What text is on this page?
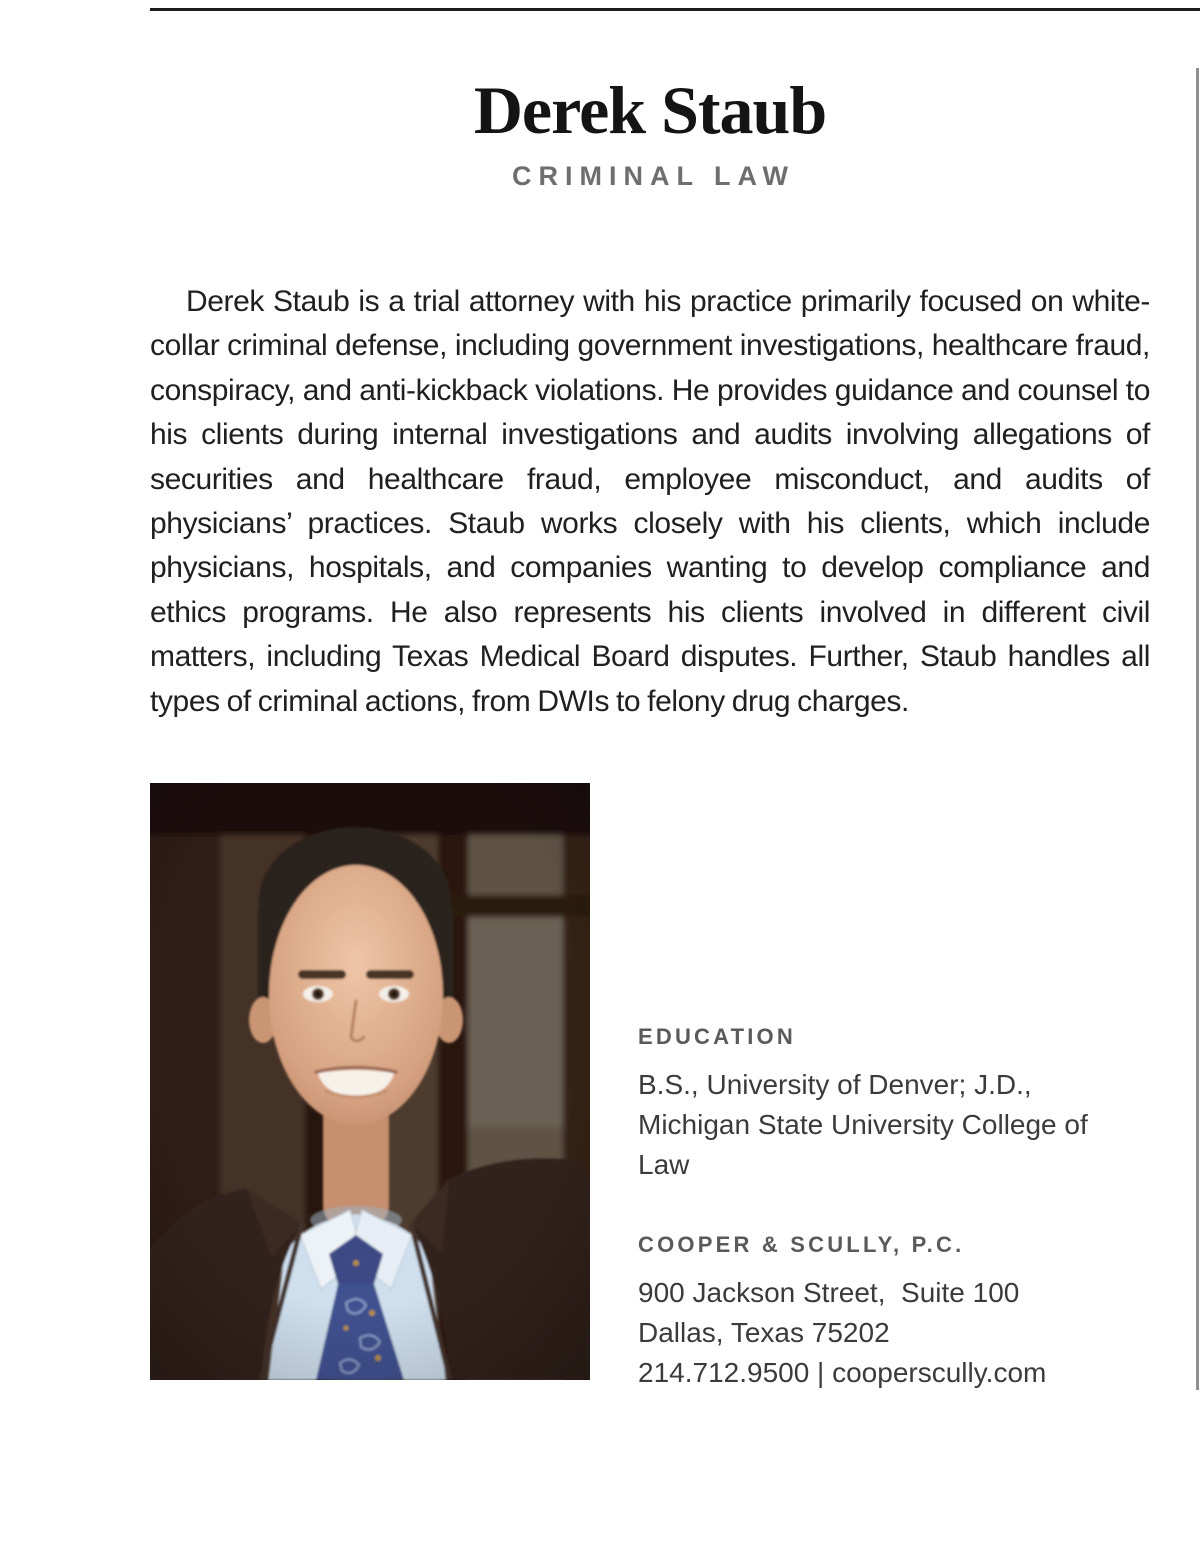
Derek Staub
CRIMINAL LAW

Derek Staub is a trial attorney with his practice primarily focused on white-collar criminal defense, including government investigations, healthcare fraud, conspiracy, and anti-kickback violations. He provides guidance and counsel to his clients during internal investigations and audits involving allegations of securities and healthcare fraud, employee misconduct, and audits of physicians’ practices. Staub works closely with his clients, which include physicians, hospitals, and companies wanting to develop compliance and ethics programs. He also represents his clients involved in different civil matters, including Texas Medical Board disputes. Further, Staub handles all types of criminal actions, from DWIs to felony drug charges.

EDUCATION
B.S., University of Denver; J.D.,
Michigan State University College of
Law
COOPER & SCULLY, P.C.
900 Jackson Street,  Suite 100
Dallas, Texas 75202
214.712.9500 | cooperscully.com
